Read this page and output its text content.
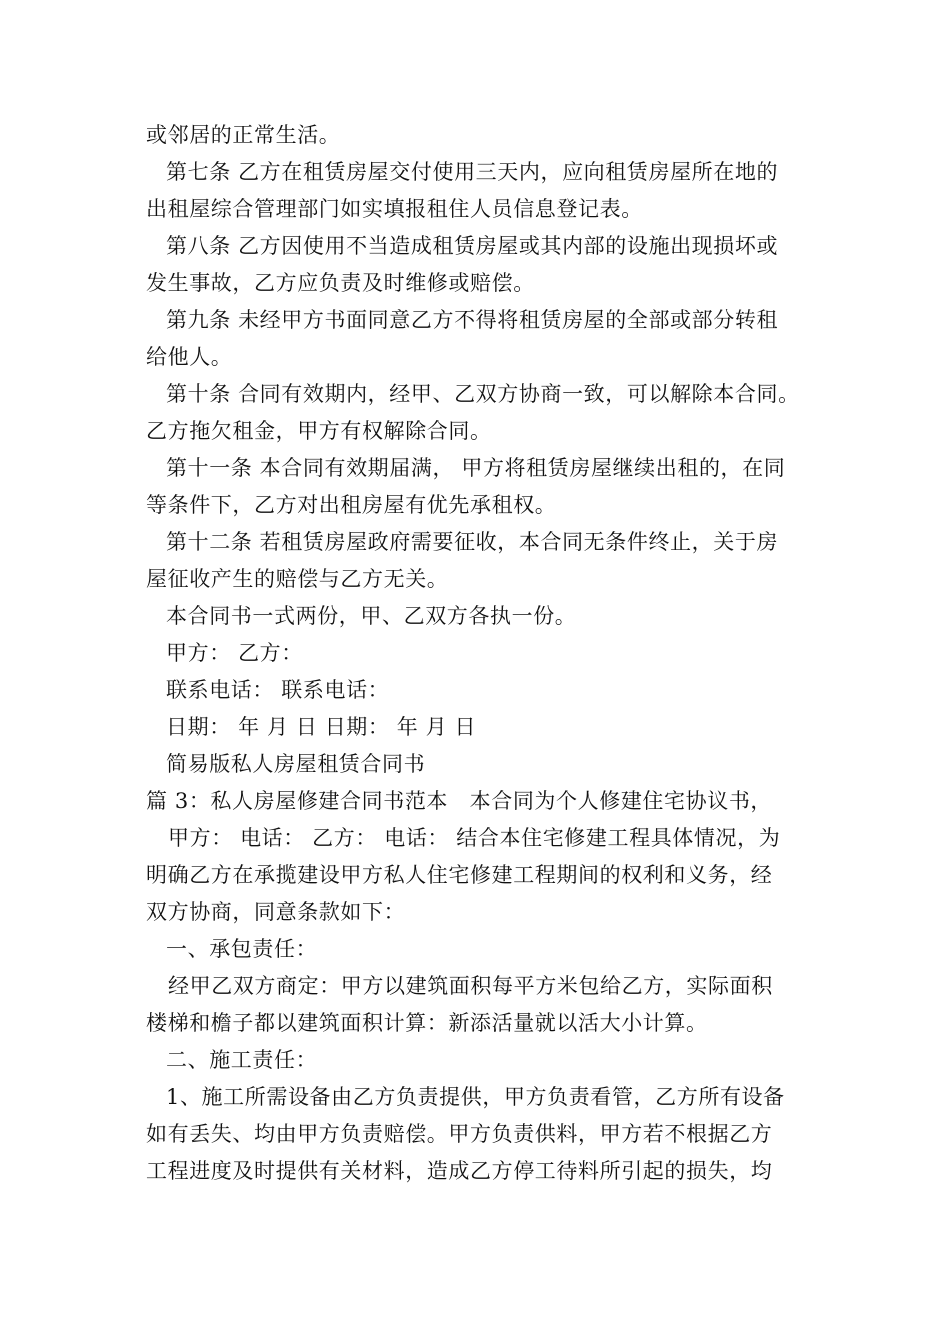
或邻居的正常生活。
第七条 乙方在租赁房屋交付使用三天内，应向租赁房屋所在地的
出租屋综合管理部门如实填报租住人员信息登记表。
第八条 乙方因使用不当造成租赁房屋或其内部的设施出现损坏或
发生事故，乙方应负责及时维修或赔偿。
第九条 未经甲方书面同意乙方不得将租赁房屋的全部或部分转租
给他人。
第十条 合同有效期内，经甲、乙双方协商一致，可以解除本合同。
乙方拖欠租金，甲方有权解除合同。
第十一条 本合同有效期届满， 甲方将租赁房屋继续出租的，在同
等条件下，乙方对出租房屋有优先承租权。
第十二条 若租赁房屋政府需要征收，本合同无条件终止，关于房
屋征收产生的赔偿与乙方无关。
本合同书一式两份，甲、乙双方各执一份。
甲方： 乙方：
联系电话： 联系电话：
日期： 年 月 日 日期： 年 月 日
简易版私人房屋租赁合同书
篇 3：私人房屋修建合同书范本　本合同为个人修建住宅协议书，
甲方： 电话： 乙方： 电话： 结合本住宅修建工程具体情况，为
明确乙方在承揽建设甲方私人住宅修建工程期间的权利和义务，经
双方协商，同意条款如下：
一、承包责任：
经甲乙双方商定：甲方以建筑面积每平方米包给乙方，实际面积
楼梯和檐子都以建筑面积计算：新添活量就以活大小计算。
二、施工责任：
1、施工所需设备由乙方负责提供，甲方负责看管，乙方所有设备
如有丢失、均由甲方负责赔偿。甲方负责供料，甲方若不根据乙方
工程进度及时提供有关材料，造成乙方停工待料所引起的损失，均
